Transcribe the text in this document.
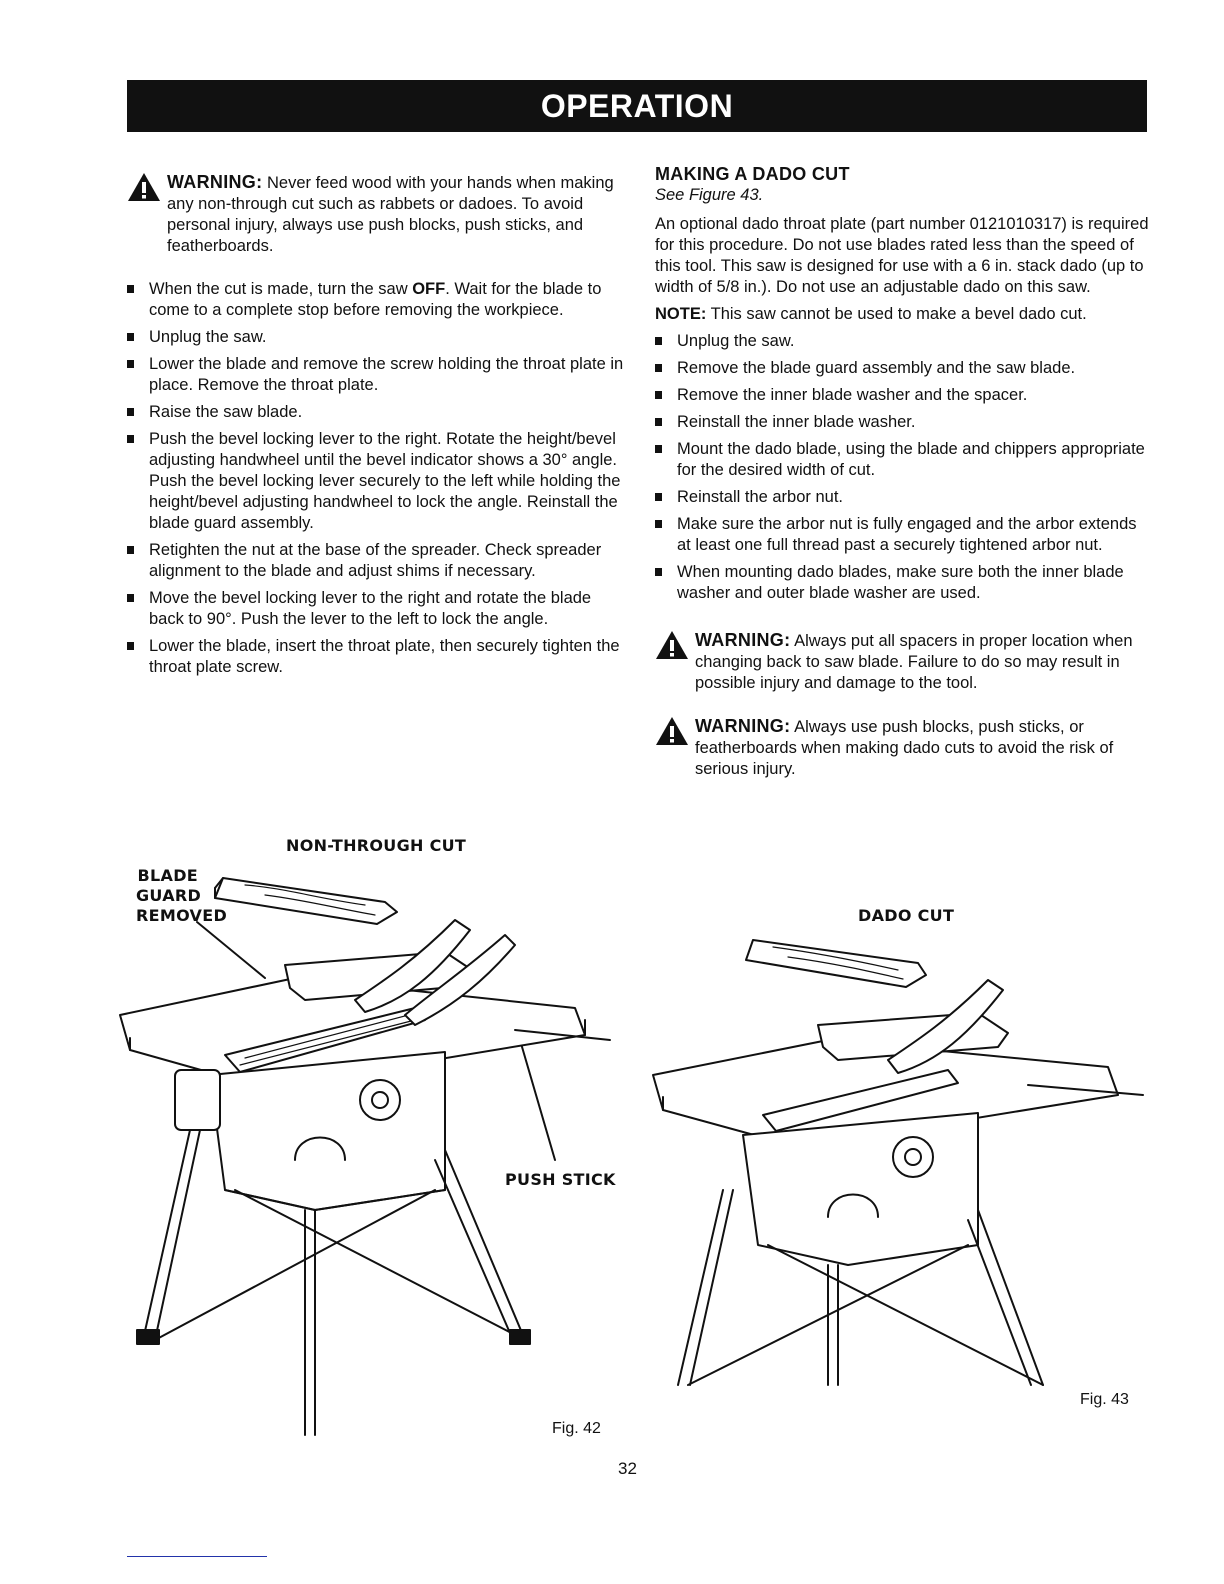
OPERATION
WARNING: Never feed wood with your hands when making any non-through cut such as rabbets or dadoes. To avoid personal injury, always use push blocks, push sticks, and featherboards.
When the cut is made, turn the saw OFF. Wait for the blade to come to a complete stop before removing the workpiece.
Unplug the saw.
Lower the blade and remove the screw holding the throat plate in place. Remove the throat plate.
Raise the saw blade.
Push the bevel locking lever to the right. Rotate the height/bevel adjusting handwheel until the bevel indicator shows a 30° angle. Push the bevel locking lever securely to the left while holding the height/bevel adjusting handwheel to lock the angle. Reinstall the blade guard assembly.
Retighten the nut at the base of the spreader. Check spreader alignment to the blade and adjust shims if necessary.
Move the bevel locking lever to the right and rotate the blade back to 90°. Push the lever to the left to lock the angle.
Lower the blade, insert the throat plate, then securely tighten the throat plate screw.
NON-THROUGH CUT
BLADE
GUARD
REMOVED
PUSH STICK
Fig. 42
MAKING A DADO CUT
See Figure 43.
An optional dado throat plate (part number 0121010317) is required for this procedure. Do not use blades rated less than the speed of this tool. This saw is designed for use with a 6 in. stack dado (up to width of 5/8 in.). Do not use an adjustable dado on this saw.
NOTE: This saw cannot be used to make a bevel dado cut.
Unplug the saw.
Remove the blade guard assembly and the saw blade.
Remove the inner blade washer and the spacer.
Reinstall the inner blade washer.
Mount the dado blade, using the blade and chippers appropriate for the desired width of cut.
Reinstall the arbor nut.
Make sure the arbor nut is fully engaged and the arbor extends at least one full thread past a securely tightened arbor nut.
When mounting dado blades, make sure both the inner blade washer and outer blade washer are used.
WARNING: Always put all spacers in proper location when changing back to saw blade. Failure to do so may result in possible injury and damage to the tool.
WARNING: Always use push blocks, push sticks, or featherboards when making dado cuts to avoid the risk of serious injury.
DADO CUT
Fig. 43
32
